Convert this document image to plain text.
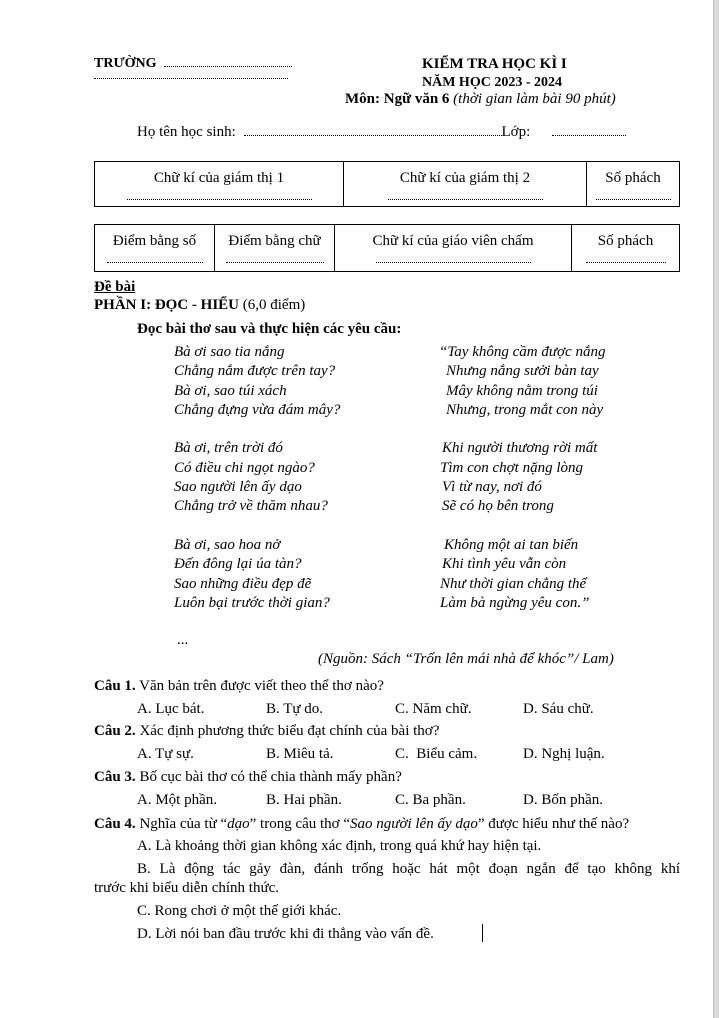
TRƯỜNG	KIỂM TRA HỌC KÌ I
NĂM HỌC 2023 - 2024
Môn: Ngữ văn 6 (thời gian làm bài 90 phút)
Họ tên học sinh:	Lớp:
Chữ kí của giám thị 1	Chữ kí của giám thị 2	Số phách
Điểm bằng số	Điểm bằng chữ	Chữ kí của giáo viên chấm	Số phách
Đề bài
PHẦN I: ĐỌC - HIỂU (6,0 điểm)
Đọc bài thơ sau và thực hiện các yêu cầu:
Bà ơi sao tia nắng
Chẳng nắm được trên tay?
Bà ơi, sao túi xách
Chẳng đựng vừa đám mây?
Bà ơi, trên trời đó
Có điều chi ngọt ngào?
Sao người lên ấy dạo
Chẳng trở về thăm nhau?
Bà ơi, sao hoa nở
Đến đông lại úa tàn?
Sao những điều đẹp đẽ
Luôn bại trước thời gian?
“Tay không cầm được nắng
Nhưng nắng sưởi bàn tay
Mây không nằm trong túi
Nhưng, trong mắt con này
Khi người thương rời mất
Tìm con chợt nặng lòng
Vì từ nay, nơi đó
Sẽ có họ bên trong
Không một ai tan biến
Khi tình yêu vẫn còn
Như thời gian chẳng thể
Làm bà ngừng yêu con.”
...
(Nguồn: Sách “Trốn lên mái nhà để khóc”/ Lam)
Câu 1. Văn bản trên được viết theo thể thơ nào?
A. Lục bát.	B. Tự do.	C. Năm chữ.	D. Sáu chữ.
Câu 2. Xác định phương thức biểu đạt chính của bài thơ?
A. Tự sự.	B. Miêu tả.	C.  Biểu cảm.	D. Nghị luận.
Câu 3. Bố cục bài thơ có thể chia thành mấy phần?
A. Một phần.	B. Hai phần.	C. Ba phần.	D. Bốn phần.
Câu 4. Nghĩa của từ “dạo” trong câu thơ “Sao người lên ấy dạo” được hiểu như thế nào?
A. Là khoảng thời gian không xác định, trong quá khứ hay hiện tại.
B. Là động tác gảy đàn, đánh trống hoặc hát một đoạn ngắn để tạo không khí
trước khi biểu diễn chính thức.
C. Rong chơi ở một thế giới khác.
D. Lời nói ban đầu trước khi đi thẳng vào vấn đề.
